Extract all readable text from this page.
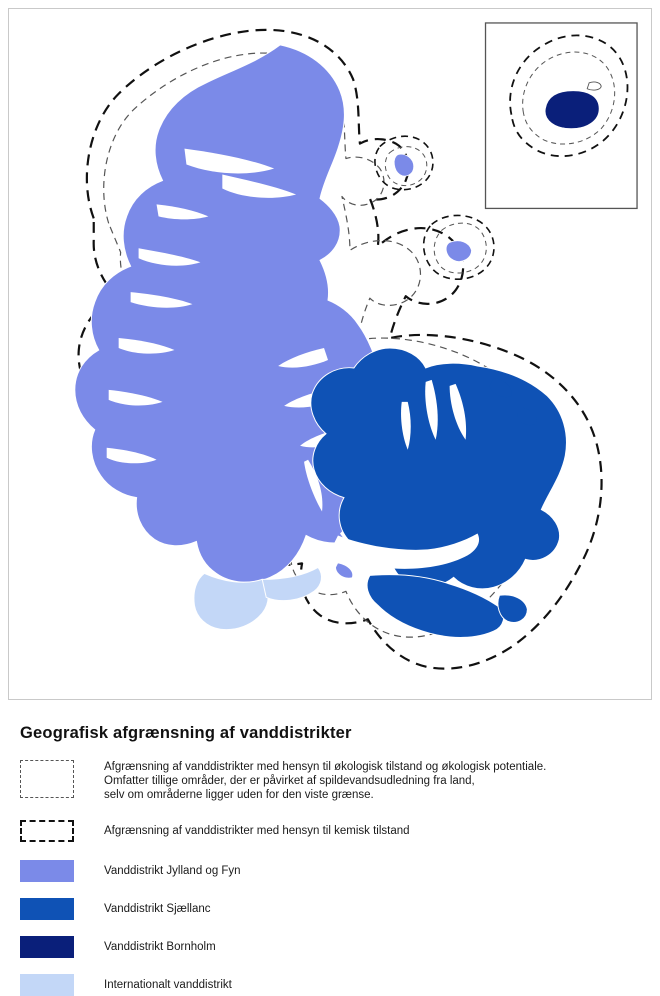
Geografisk afgrænsning af vanddistrikter
Afgrænsning af vanddistrikter med hensyn til økologisk tilstand og økologisk potentiale.
Omfatter tillige områder, der er påvirket af spildevandsudledning fra land,
selv om områderne ligger uden for den viste grænse.
Afgrænsning af vanddistrikter med hensyn til kemisk tilstand
Vanddistrikt Jylland og Fyn
Vanddistrikt Sjællanc
Vanddistrikt Bornholm
Internationalt vanddistrikt
